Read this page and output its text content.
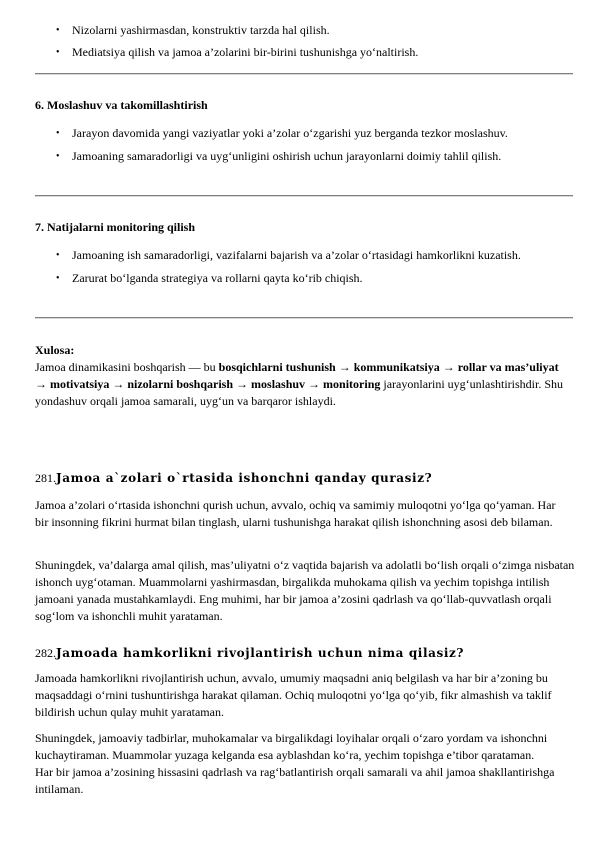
• Nizolarni yashirmasdan, konstruktiv tarzda hal qilish.
• Mediatsiya qilish va jamoa a’zolarini bir-birini tushunishga yo‘naltirish.
6. Moslashuv va takomillashtirish
• Jarayon davomida yangi vaziyatlar yoki a’zolar o‘zgarishi yuz berganda tezkor moslashuv.
• Jamoaning samaradorligi va uyg‘unligini oshirish uchun jarayonlarni doimiy tahlil qilish.
7. Natijalarni monitoring qilish
• Jamoaning ish samaradorligi, vazifalarni bajarish va a’zolar o‘rtasidagi hamkorlikni kuzatish.
• Zarurat bo‘lganda strategiya va rollarni qayta ko‘rib chiqish.
Xulosa:
Jamoa dinamikasini boshqarish — bu bosqichlarni tushunish → kommunikatsiya → rollar va mas’uliyat → motivatsiya → nizolarni boshqarish → moslashuv → monitoring jarayonlarini uyg‘unlashtirishdir. Shu yondashuv orqali jamoa samarali, uyg‘un va barqaror ishlaydi.
281.Jamoa a`zolari o`rtasida ishonchni qanday qurasiz?
Jamoa a’zolari o‘rtasida ishonchni qurish uchun, avvalo, ochiq va samimiy muloqotni yo‘lga qo‘yaman. Har bir insonning fikrini hurmat bilan tinglash, ularni tushunishga harakat qilish ishonchning asosi deb bilaman.
Shuningdek, va’dalarga amal qilish, mas’uliyatni o‘z vaqtida bajarish va adolatli bo‘lish orqali o‘zimga nisbatan ishonch uyg‘otaman. Muammolarni yashirmasdan, birgalikda muhokama qilish va yechim topishga intilish jamoani yanada mustahkamlaydi. Eng muhimi, har bir jamoa a’zosini qadrlash va qo‘llab-quvvatlash orqali sog‘lom va ishonchli muhit yarataman.
282.Jamoada hamkorlikni rivojlantirish uchun nima qilasiz?
Jamoada hamkorlikni rivojlantirish uchun, avvalo, umumiy maqsadni aniq belgilash va har bir a’zoning bu maqsaddagi o‘rnini tushuntirishga harakat qilaman. Ochiq muloqotni yo‘lga qo‘yib, fikr almashish va taklif bildirish uchun qulay muhit yarataman.
Shuningdek, jamoaviy tadbirlar, muhokamalar va birgalikdagi loyihalar orqali o‘zaro yordam va ishonchni kuchaytiraman. Muammolar yuzaga kelganda esa ayblashdan ko‘ra, yechim topishga e’tibor qarataman. Har bir jamoa a’zosining hissasini qadrlash va rag‘batlantirish orqali samarali va ahil jamoa shakllantirishga intilaman.
